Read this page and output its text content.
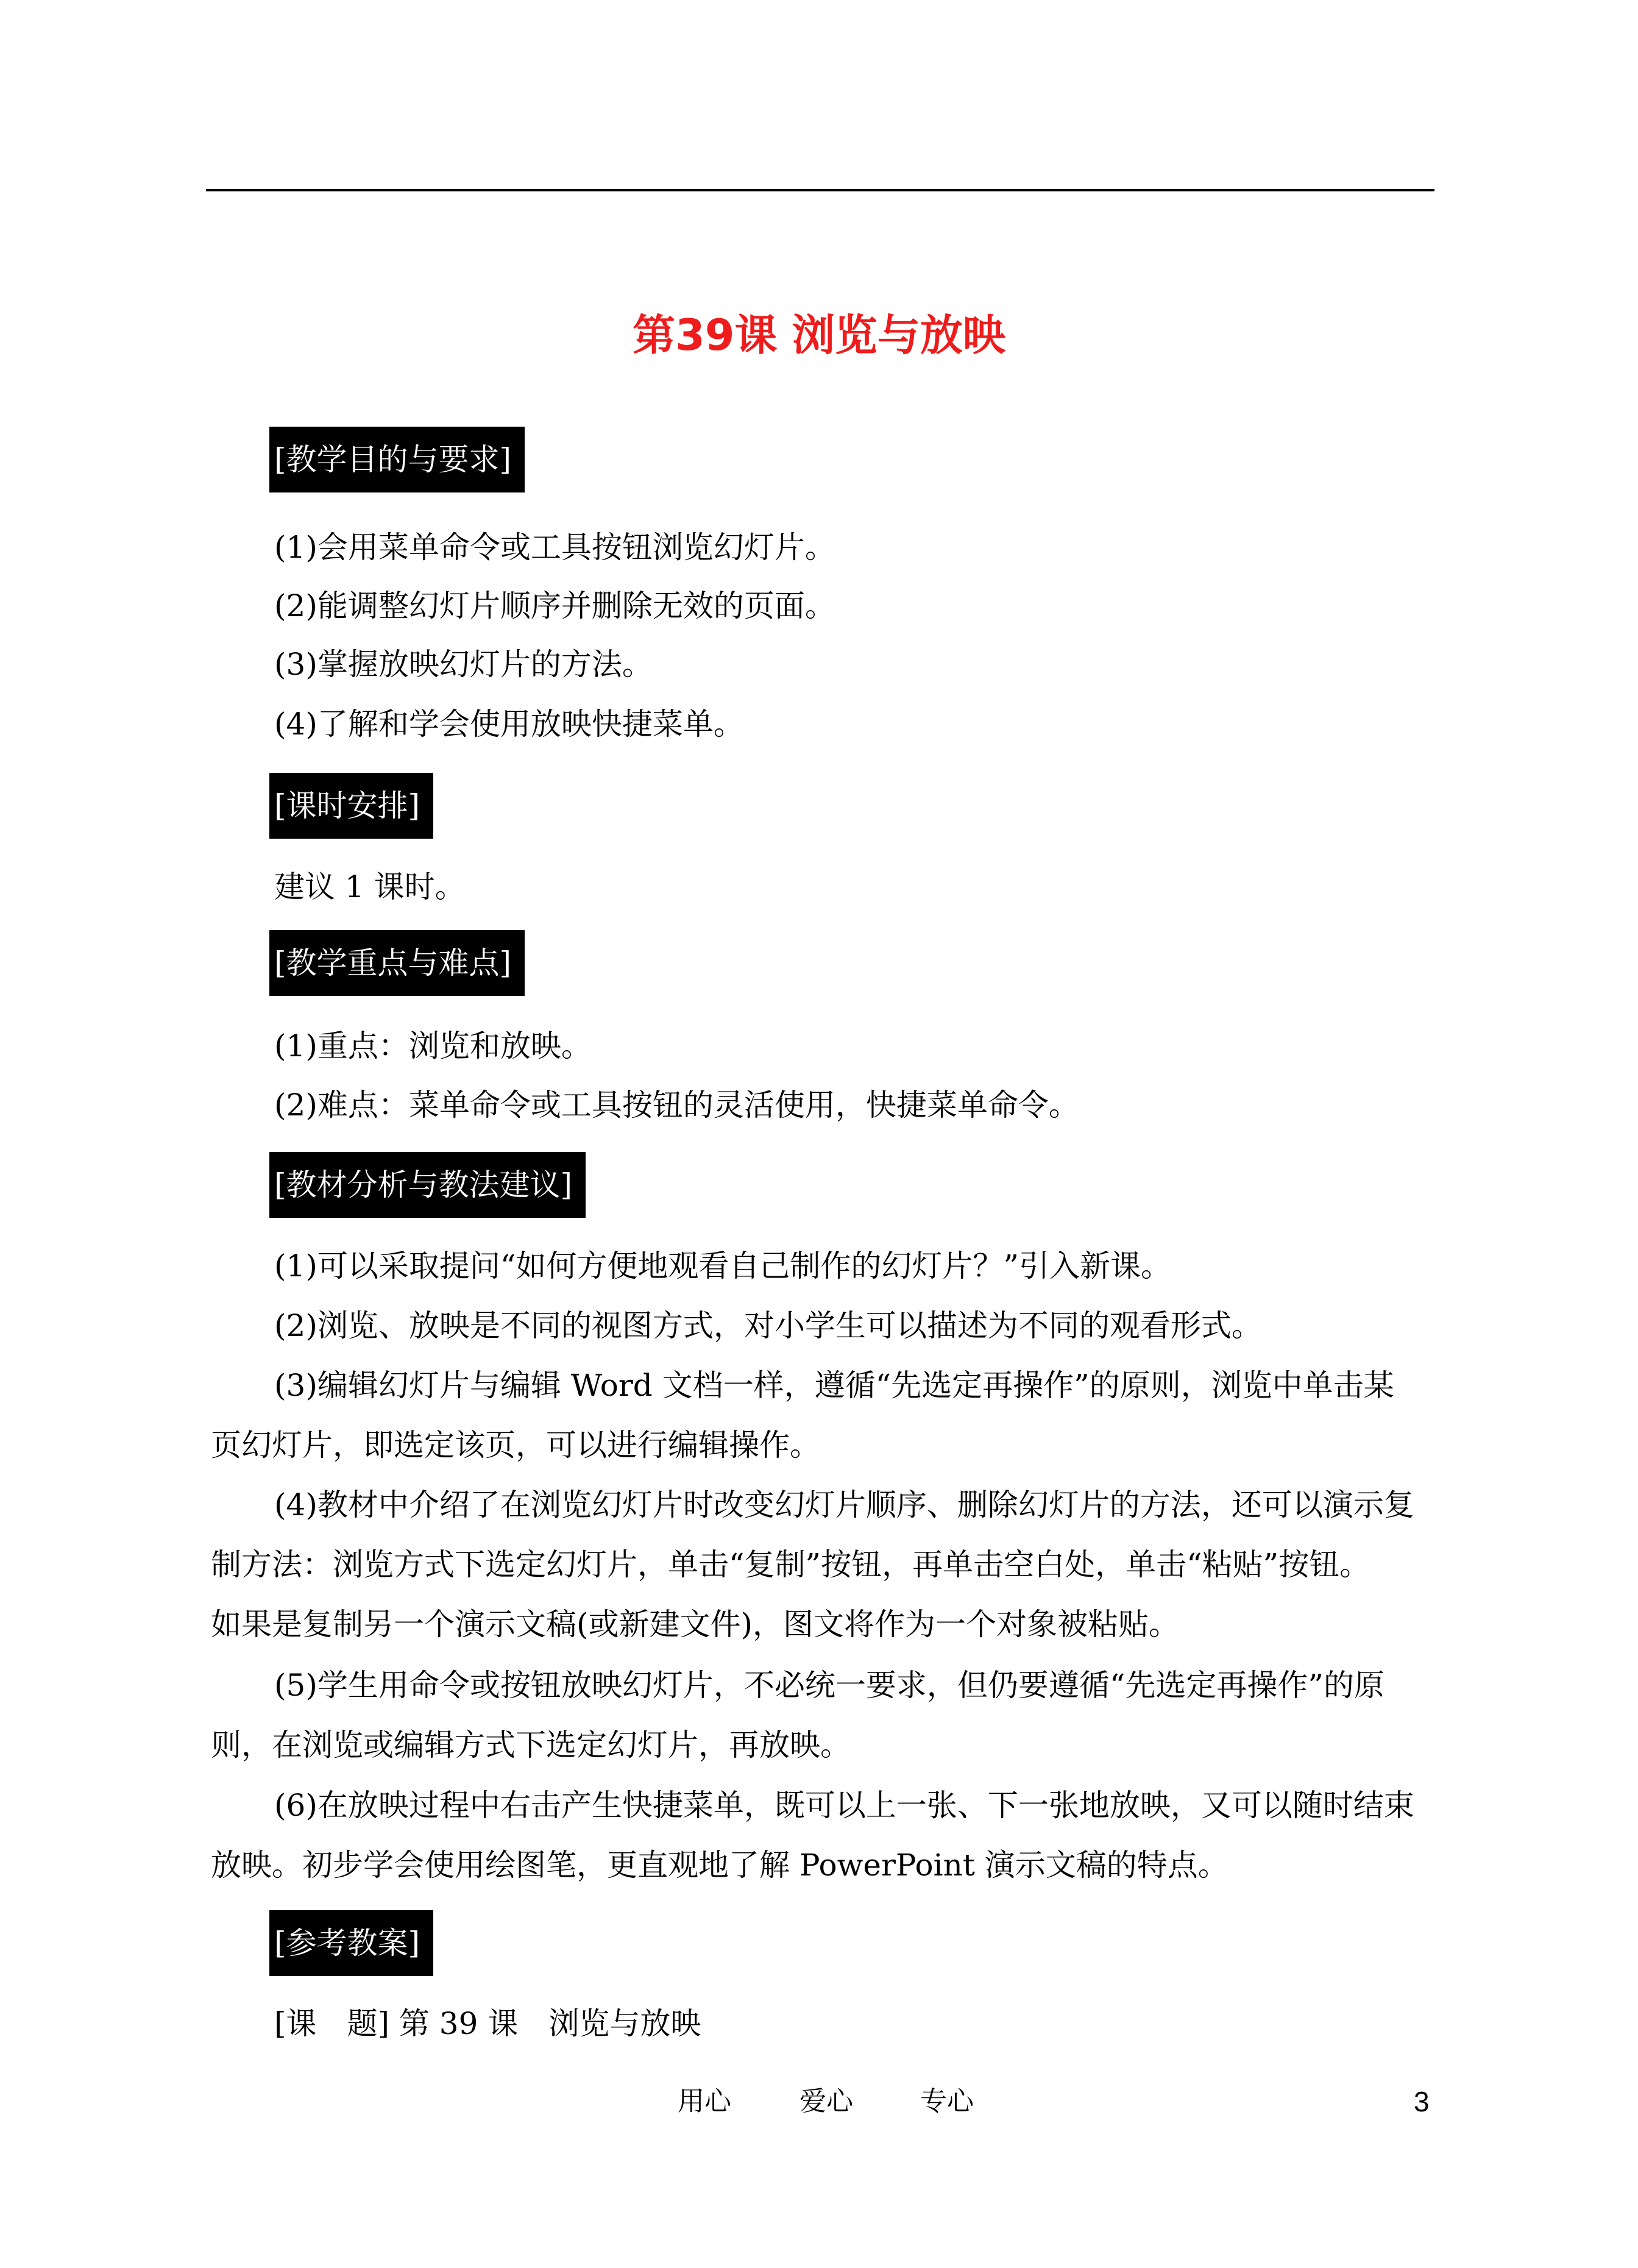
第39课 浏览与放映
[教学目的与要求]
(1)会用菜单命令或工具按钮浏览幻灯片。
(2)能调整幻灯片顺序并删除无效的页面。
(3)掌握放映幻灯片的方法。
(4)了解和学会使用放映快捷菜单。
[课时安排]
建议 1 课时。
[教学重点与难点]
(1)重点：浏览和放映。
(2)难点：菜单命令或工具按钮的灵活使用，快捷菜单命令。
[教材分析与教法建议]
(1)可以采取提问“如何方便地观看自己制作的幻灯片？”引入新课。
(2)浏览、放映是不同的视图方式，对小学生可以描述为不同的观看形式。
(3)编辑幻灯片与编辑 Word 文档一样，遵循“先选定再操作”的原则，浏览中单击某
页幻灯片，即选定该页，可以进行编辑操作。
(4)教材中介绍了在浏览幻灯片时改变幻灯片顺序、删除幻灯片的方法，还可以演示复
制方法：浏览方式下选定幻灯片，单击“复制”按钮，再单击空白处，单击“粘贴”按钮。
如果是复制另一个演示文稿(或新建文件)，图文将作为一个对象被粘贴。
(5)学生用命令或按钮放映幻灯片，不必统一要求，但仍要遵循“先选定再操作”的原
则，在浏览或编辑方式下选定幻灯片，再放映。
(6)在放映过程中右击产生快捷菜单，既可以上一张、下一张地放映，又可以随时结束
放映。初步学会使用绘图笔，更直观地了解 PowerPoint 演示文稿的特点。
[参考教案]
[课　题] 第 39 课　浏览与放映
用心	爱心	专心	3
